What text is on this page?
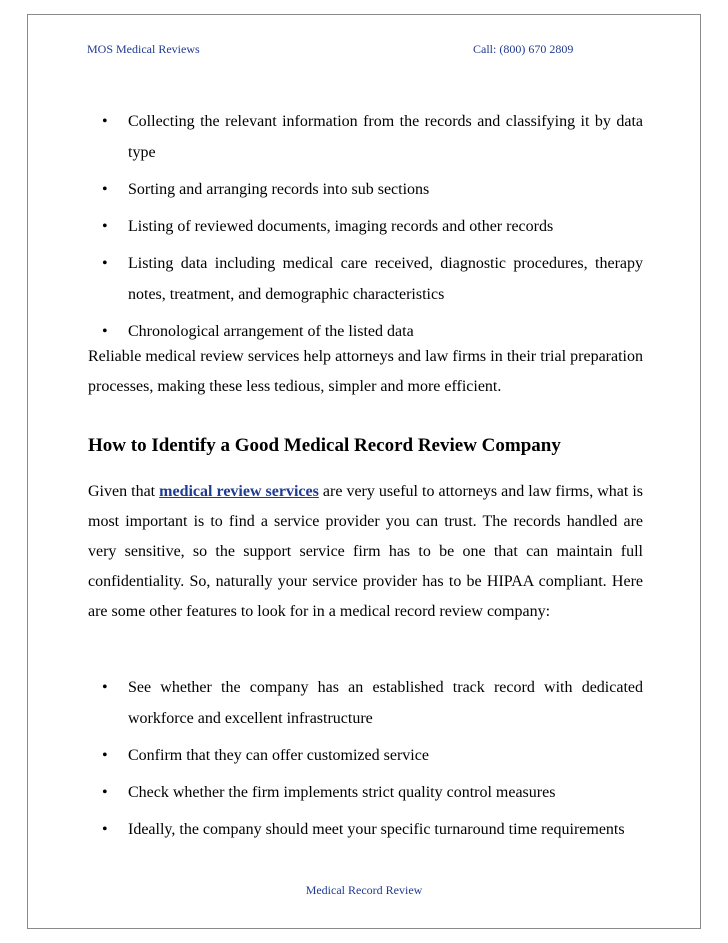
MOS Medical Reviews	Call: (800) 670 2809
• Collecting the relevant information from the records and classifying it by data type
• Sorting and arranging records into sub sections
• Listing of reviewed documents, imaging records and other records
• Listing data including medical care received, diagnostic procedures, therapy notes, treatment, and demographic characteristics
• Chronological arrangement of the listed data

Reliable medical review services help attorneys and law firms in their trial preparation processes, making these less tedious, simpler and more efficient.

How to Identify a Good Medical Record Review Company

Given that medical review services are very useful to attorneys and law firms, what is most important is to find a service provider you can trust. The records handled are very sensitive, so the support service firm has to be one that can maintain full confidentiality. So, naturally your service provider has to be HIPAA compliant. Here are some other features to look for in a medical record review company:

• See whether the company has an established track record with dedicated workforce and excellent infrastructure
• Confirm that they can offer customized service
• Check whether the firm implements strict quality control measures
• Ideally, the company should meet your specific turnaround time requirements
Medical Record Review
